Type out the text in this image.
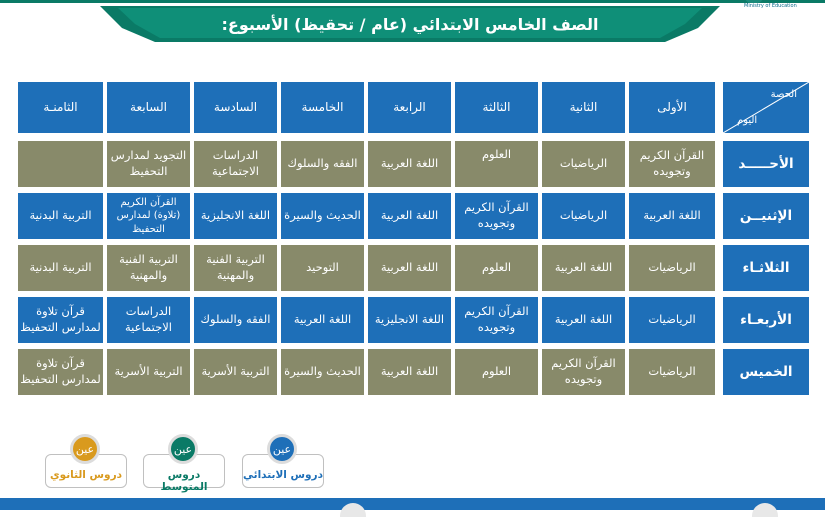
Ministry of Education
الصف الخامس الابتدائي (عام / تحقيظ) الأسبوع: الثاني
الحصة
اليوم
الأولى
الثانية
الثالثة
الرابعة
الخامسة
السادسة
السابعة
الثامنـة
الأحـــــد
القرآن الكريم وتجويده
الرياضيات
العلوم
اللغة العربية
الفقه والسلوك
الدراسات الاجتماعية
التجويد لمدارس التحفيظ
الإثنيــن
اللغة العربية
الرياضيات
القرآن الكريم وتجويده
اللغة العربية
الحديث والسيرة
اللغة الانجليزية
القرآن الكريم (تلاوة) لمدارس التحفيظ
التربية البدنية
الثلاثـاء
الرياضيات
اللغة العربية
العلوم
اللغة العربية
التوحيد
التربية الفنية والمهنية
التربية الفنية والمهنية
التربية البدنية
الأربعـاء
الرياضيات
اللغة العربية
القرآن الكريم وتجويده
اللغة الانجليزية
اللغة العربية
الفقه والسلوك
الدراسات الاجتماعية
قرآن تلاوة لمدارس التحفيظ
الخميس
الرياضيات
القرآن الكريم وتجويده
العلوم
اللغة العربية
الحديث والسيرة
التربية الأسرية
التربية الأسرية
قرآن تلاوة لمدارس التحفيظ
عين
دروس الابتدائي
عين
دروس المتوسط
عين
دروس الثانوي
